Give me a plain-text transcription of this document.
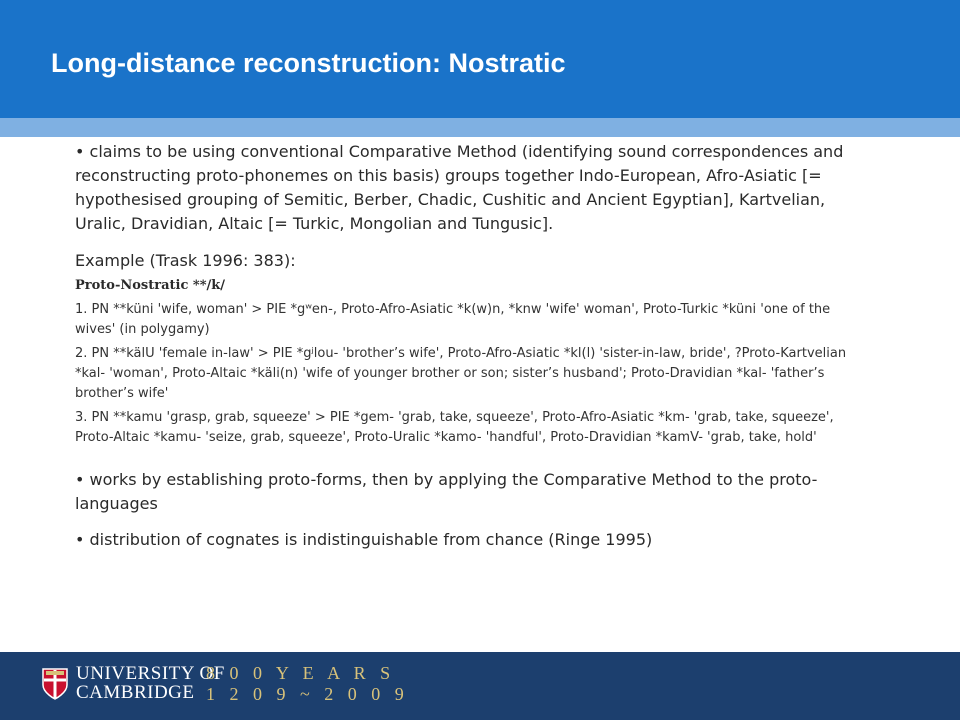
Long-distance reconstruction: Nostratic

• claims to be using conventional Comparative Method (identifying sound correspondences and reconstructing proto-phonemes on this basis) groups together Indo-European, Afro-Asiatic [= hypothesised grouping of Semitic, Berber, Chadic, Cushitic and Ancient Egyptian], Kartvelian, Uralic, Dravidian, Altaic [= Turkic, Mongolian and Tungusic].

Example (Trask 1996: 383):
Proto-Nostratic **/k/
1. PN **küni 'wife, woman' > PIE *gʷen-, Proto-Afro-Asiatic *k(w)n, *knw 'wife' woman', Proto-Turkic *küni 'one of the wives' (in polygamy)
2. PN **kälU 'female in-law' > PIE *gʲlou- 'brother’s wife', Proto-Afro-Asiatic *kl(l) 'sister-in-law, bride', ?Proto-Kartvelian *kal- 'woman', Proto-Altaic *käli(n) 'wife of younger brother or son; sister’s husband'; Proto-Dravidian *kal- 'father’s brother’s wife'
3. PN **kamu 'grasp, grab, squeeze' > PIE *gem- 'grab, take, squeeze', Proto-Afro-Asiatic *km- 'grab, take, squeeze', Proto-Altaic *kamu- 'seize, grab, squeeze', Proto-Uralic *kamo- 'handful', Proto-Dravidian *kamV- 'grab, take, hold'

• works by establishing proto-forms, then by applying the Comparative Method to the proto-languages

• distribution of cognates is indistinguishable from chance (Ringe 1995)

UNIVERSITY OF
CAMBRIDGE
8 0 0 Y E A R S
1 2 0 9 ~ 2 0 0 9
